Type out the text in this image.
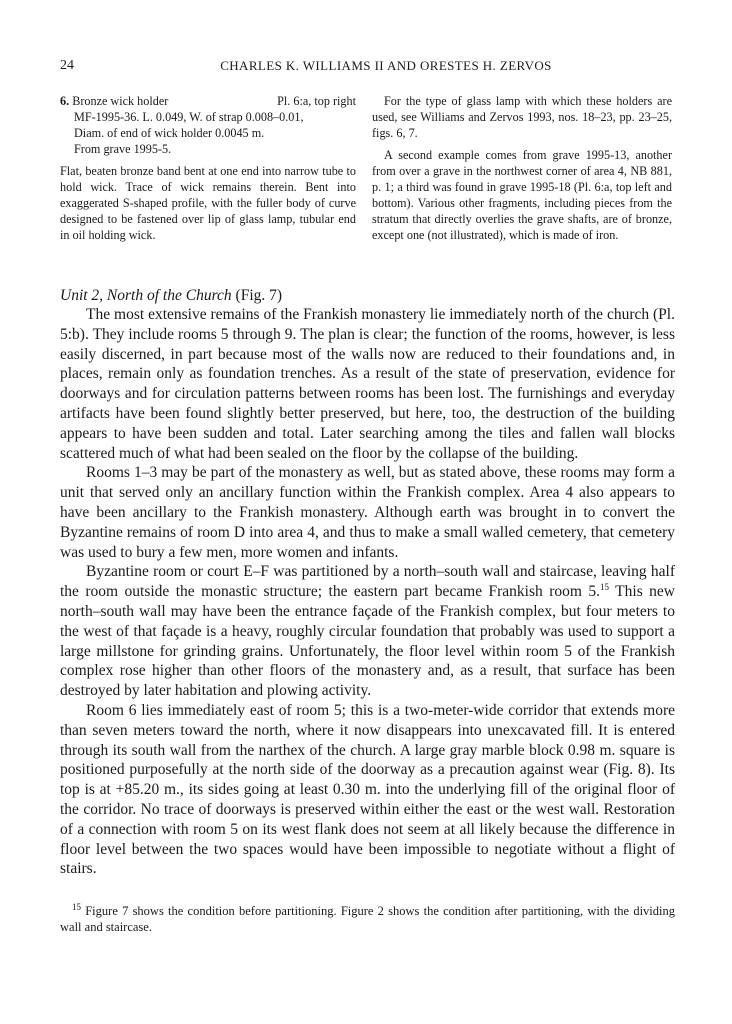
24	CHARLES K. WILLIAMS II AND ORESTES H. ZERVOS
6. Bronze wick holder	Pl. 6:a, top right

MF-1995-36. L. 0.049, W. of strap 0.008–0.01,

Diam. of end of wick holder 0.0045 m.

From grave 1995-5.

Flat, beaten bronze band bent at one end into narrow tube to hold wick. Trace of wick remains therein. Bent into exaggerated S-shaped profile, with the fuller body of curve designed to be fastened over lip of glass lamp, tubular end in oil holding wick.

For the type of glass lamp with which these holders are used, see Williams and Zervos 1993, nos. 18–23, pp. 23–25, figs. 6, 7.

A second example comes from grave 1995-13, another from over a grave in the northwest corner of area 4, NB 881, p. 1; a third was found in grave 1995-18 (Pl. 6:a, top left and bottom). Various other fragments, including pieces from the stratum that directly overlies the grave shafts, are of bronze, except one (not illustrated), which is made of iron.

Unit 2, North of the Church (Fig. 7)

The most extensive remains of the Frankish monastery lie immediately north of the church (Pl. 5:b). They include rooms 5 through 9. The plan is clear; the function of the rooms, however, is less easily discerned, in part because most of the walls now are reduced to their foundations and, in places, remain only as foundation trenches. As a result of the state of preservation, evidence for doorways and for circulation patterns between rooms has been lost. The furnishings and everyday artifacts have been found slightly better preserved, but here, too, the destruction of the building appears to have been sudden and total. Later searching among the tiles and fallen wall blocks scattered much of what had been sealed on the floor by the collapse of the building.

Rooms 1–3 may be part of the monastery as well, but as stated above, these rooms may form a unit that served only an ancillary function within the Frankish complex. Area 4 also appears to have been ancillary to the Frankish monastery. Although earth was brought in to convert the Byzantine remains of room D into area 4, and thus to make a small walled cemetery, that cemetery was used to bury a few men, more women and infants.

Byzantine room or court E–F was partitioned by a north–south wall and staircase, leaving half the room outside the monastic structure; the eastern part became Frankish room 5.15 This new north–south wall may have been the entrance façade of the Frankish complex, but four meters to the west of that façade is a heavy, roughly circular foundation that probably was used to support a large millstone for grinding grains. Unfortunately, the floor level within room 5 of the Frankish complex rose higher than other floors of the monastery and, as a result, that surface has been destroyed by later habitation and plowing activity.

Room 6 lies immediately east of room 5; this is a two-meter-wide corridor that extends more than seven meters toward the north, where it now disappears into unexcavated fill. It is entered through its south wall from the narthex of the church. A large gray marble block 0.98 m. square is positioned purposefully at the north side of the doorway as a precaution against wear (Fig. 8). Its top is at +85.20 m., its sides going at least 0.30 m. into the underlying fill of the original floor of the corridor. No trace of doorways is preserved within either the east or the west wall. Restoration of a connection with room 5 on its west flank does not seem at all likely because the difference in floor level between the two spaces would have been impossible to negotiate without a flight of stairs.

$^{15}$ Figure 7 shows the condition before partitioning. Figure 2 shows the condition after partitioning, with the dividing wall and staircase.
